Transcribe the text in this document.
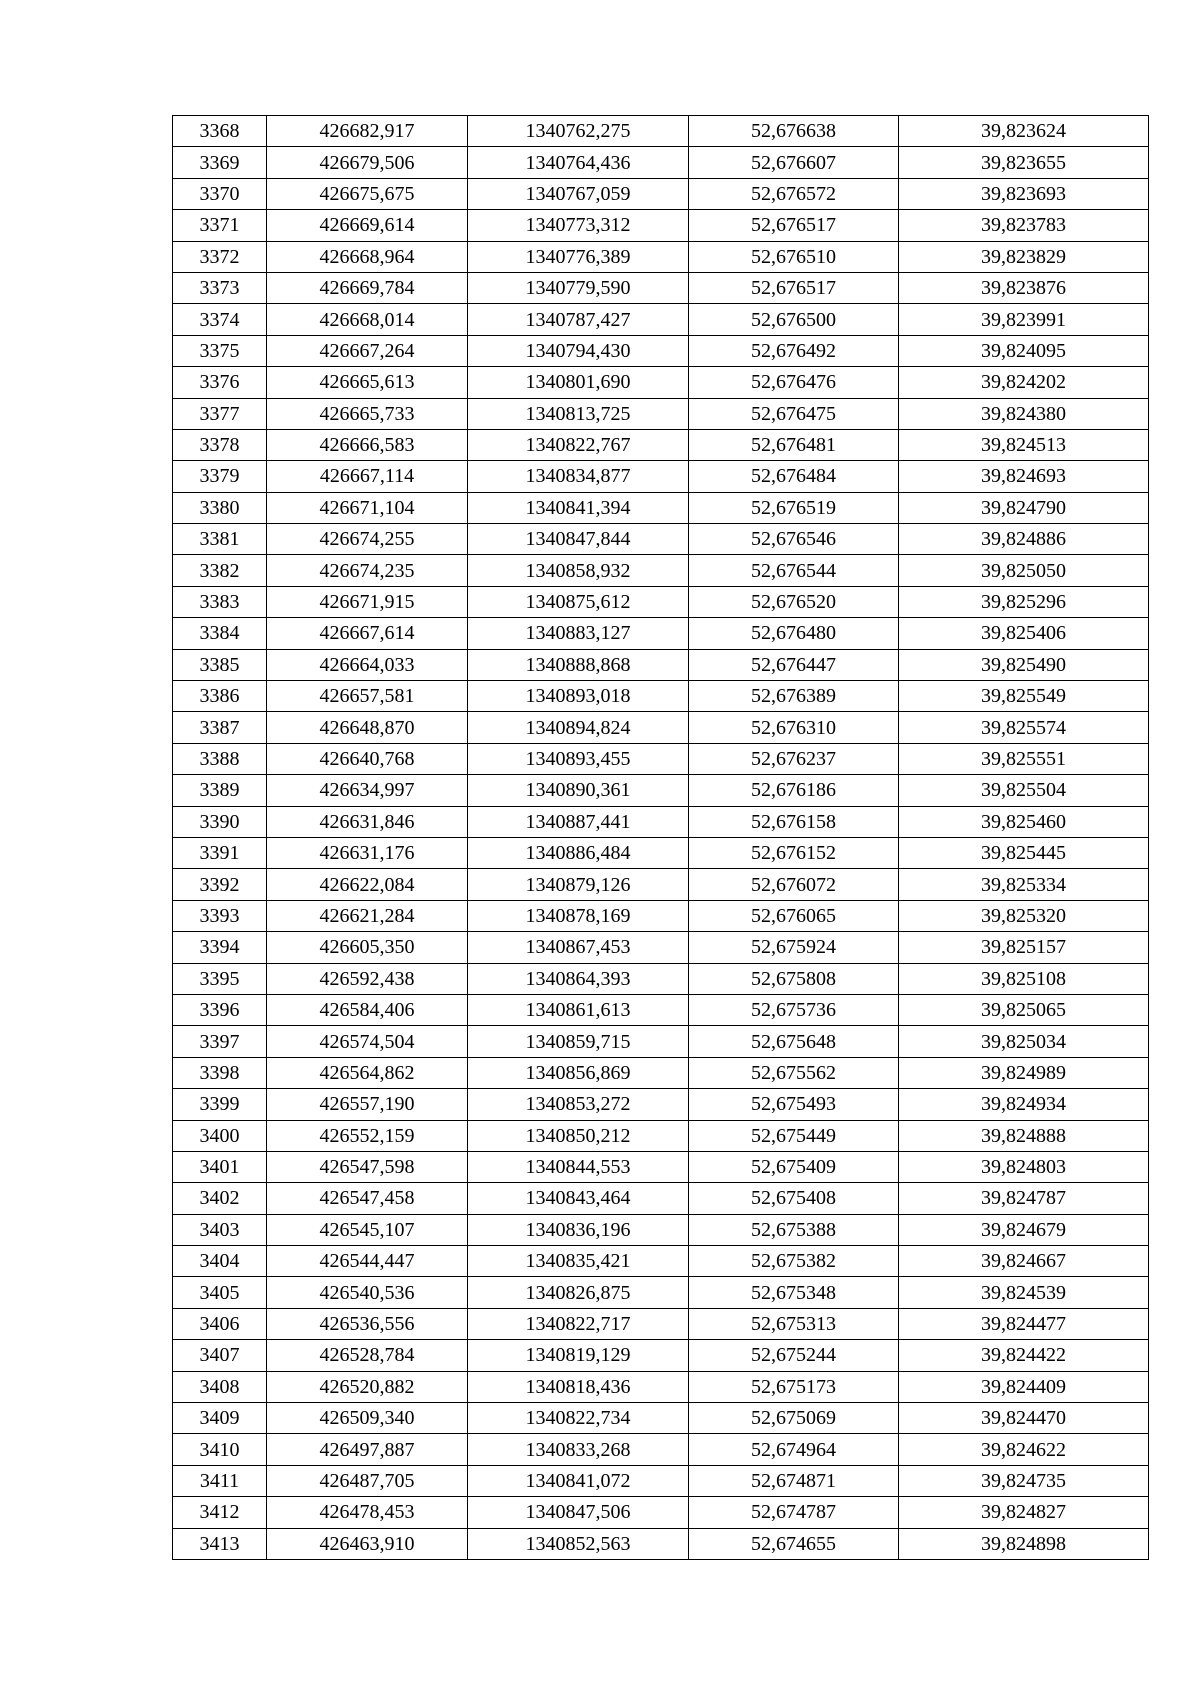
3368	426682,917	1340762,275	52,676638	39,823624
3369	426679,506	1340764,436	52,676607	39,823655
3370	426675,675	1340767,059	52,676572	39,823693
3371	426669,614	1340773,312	52,676517	39,823783
3372	426668,964	1340776,389	52,676510	39,823829
3373	426669,784	1340779,590	52,676517	39,823876
3374	426668,014	1340787,427	52,676500	39,823991
3375	426667,264	1340794,430	52,676492	39,824095
3376	426665,613	1340801,690	52,676476	39,824202
3377	426665,733	1340813,725	52,676475	39,824380
3378	426666,583	1340822,767	52,676481	39,824513
3379	426667,114	1340834,877	52,676484	39,824693
3380	426671,104	1340841,394	52,676519	39,824790
3381	426674,255	1340847,844	52,676546	39,824886
3382	426674,235	1340858,932	52,676544	39,825050
3383	426671,915	1340875,612	52,676520	39,825296
3384	426667,614	1340883,127	52,676480	39,825406
3385	426664,033	1340888,868	52,676447	39,825490
3386	426657,581	1340893,018	52,676389	39,825549
3387	426648,870	1340894,824	52,676310	39,825574
3388	426640,768	1340893,455	52,676237	39,825551
3389	426634,997	1340890,361	52,676186	39,825504
3390	426631,846	1340887,441	52,676158	39,825460
3391	426631,176	1340886,484	52,676152	39,825445
3392	426622,084	1340879,126	52,676072	39,825334
3393	426621,284	1340878,169	52,676065	39,825320
3394	426605,350	1340867,453	52,675924	39,825157
3395	426592,438	1340864,393	52,675808	39,825108
3396	426584,406	1340861,613	52,675736	39,825065
3397	426574,504	1340859,715	52,675648	39,825034
3398	426564,862	1340856,869	52,675562	39,824989
3399	426557,190	1340853,272	52,675493	39,824934
3400	426552,159	1340850,212	52,675449	39,824888
3401	426547,598	1340844,553	52,675409	39,824803
3402	426547,458	1340843,464	52,675408	39,824787
3403	426545,107	1340836,196	52,675388	39,824679
3404	426544,447	1340835,421	52,675382	39,824667
3405	426540,536	1340826,875	52,675348	39,824539
3406	426536,556	1340822,717	52,675313	39,824477
3407	426528,784	1340819,129	52,675244	39,824422
3408	426520,882	1340818,436	52,675173	39,824409
3409	426509,340	1340822,734	52,675069	39,824470
3410	426497,887	1340833,268	52,674964	39,824622
3411	426487,705	1340841,072	52,674871	39,824735
3412	426478,453	1340847,506	52,674787	39,824827
3413	426463,910	1340852,563	52,674655	39,824898
